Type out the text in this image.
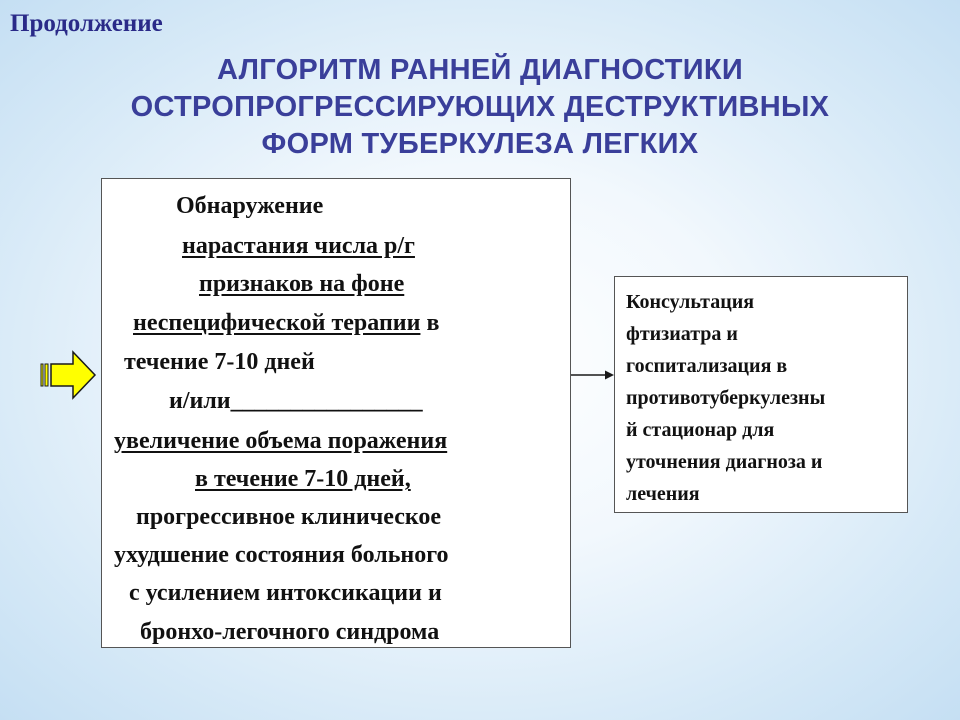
Продолжение
АЛГОРИТМ РАННЕЙ ДИАГНОСТИКИ
ОСТРОПРОГРЕССИРУЮЩИХ ДЕСТРУКТИВНЫХ
ФОРМ ТУБЕРКУЛЕЗА ЛЕГКИХ
Обнаружение
нарастания числа р/г
признаков на фоне
неспецифической терапии в
течение 7-10 дней
и/или________________
увеличение объема поражения
в течение 7-10 дней,
прогрессивное клиническое
ухудшение состояния больного
с усилением интоксикации и
бронхо-легочного синдрома
Консультация
фтизиатра и
госпитализация в
противотуберкулезны
й стационар для
уточнения диагноза и
лечения
